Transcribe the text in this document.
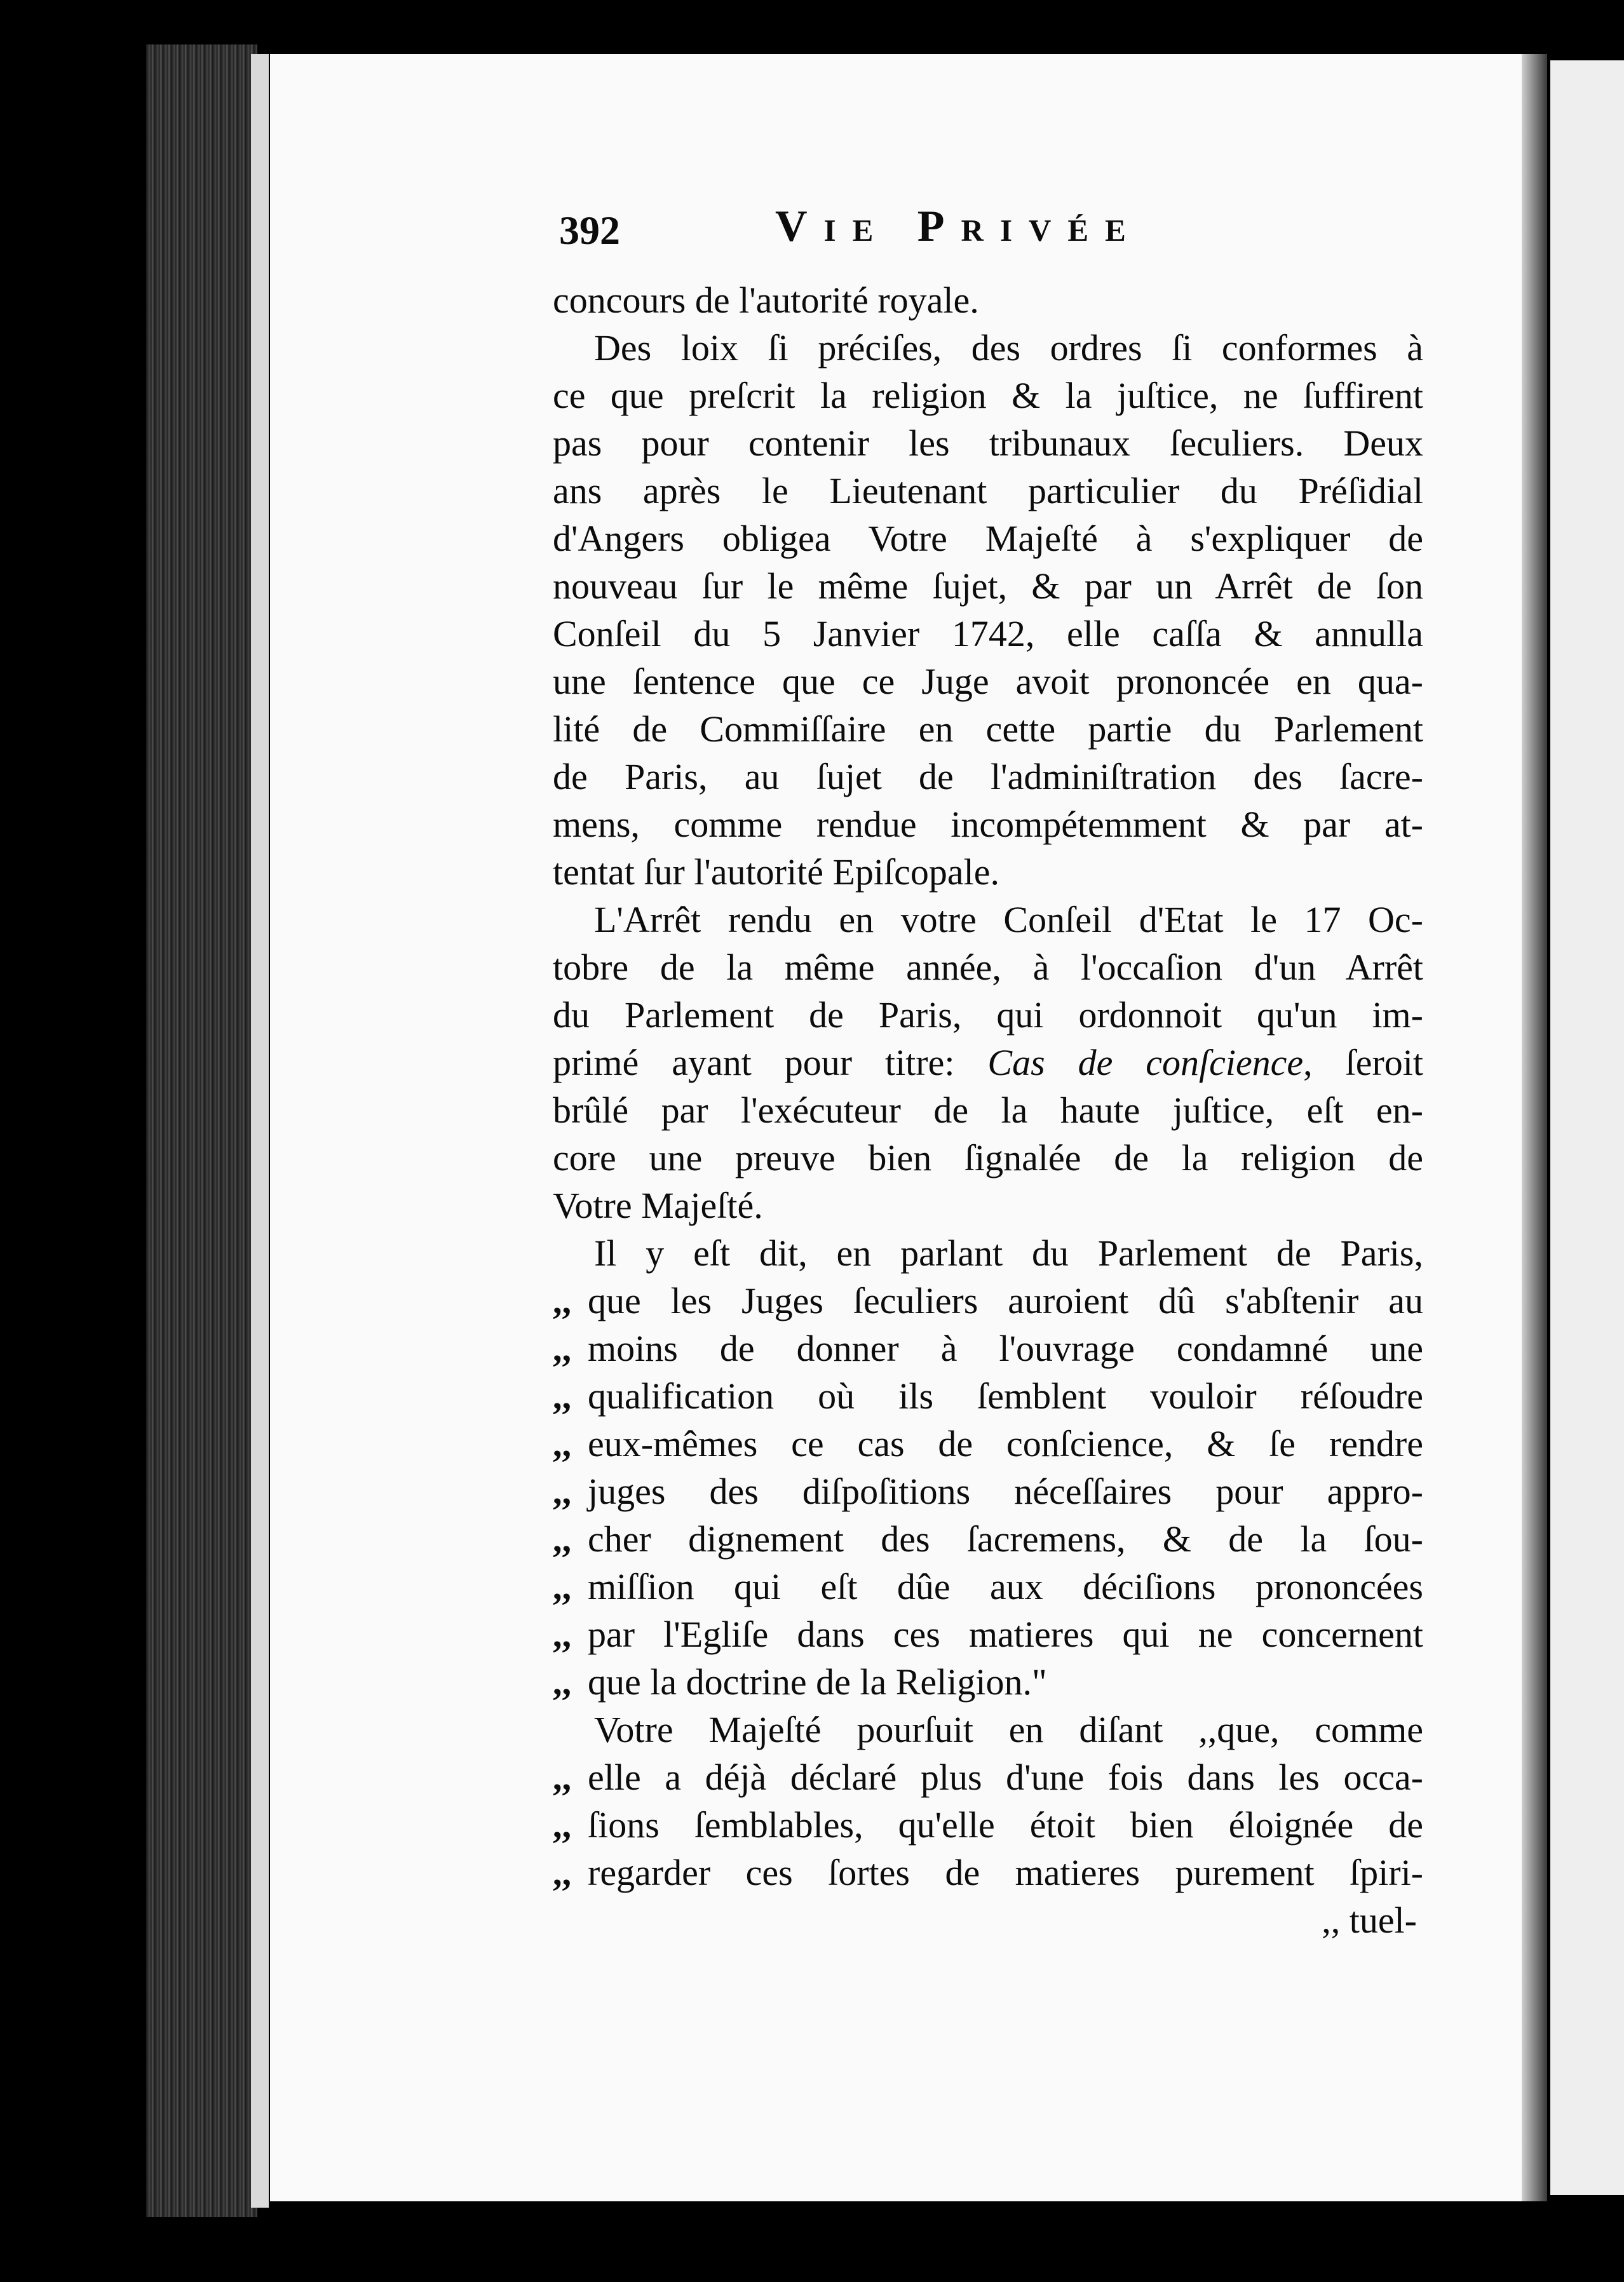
392	Vie Privée
concours de l'autorité royale.
Des loix ſi préciſes, des ordres ſi conformes à
ce que preſcrit la religion & la juſtice, ne ſuffirent
pas pour contenir les tribunaux ſeculiers. Deux
ans après le Lieutenant particulier du Préſidial
d'Angers obligea Votre Majeſté à s'expliquer de
nouveau ſur le même ſujet, & par un Arrêt de ſon
Conſeil du 5 Janvier 1742, elle caſſa & annulla
une ſentence que ce Juge avoit prononcée en qua-
lité de Commiſſaire en cette partie du Parlement
de Paris, au ſujet de l'adminiſtration des ſacre-
mens, comme rendue incompétemment & par at-
tentat ſur l'autorité Epiſcopale.
L'Arrêt rendu en votre Conſeil d'Etat le 17 Oc-
tobre de la même année, à l'occaſion d'un Arrêt
du Parlement de Paris, qui ordonnoit qu'un im-
primé ayant pour titre: Cas de conſcience, ſeroit
brûlé par l'exécuteur de la haute juſtice, eſt en-
core une preuve bien ſignalée de la religion de
Votre Majeſté.
Il y eſt dit, en parlant du Parlement de Paris,
,, que les Juges ſeculiers auroient dû s'abſtenir au
,, moins de donner à l'ouvrage condamné une
,, qualification où ils ſemblent vouloir réſoudre
,, eux-mêmes ce cas de conſcience, & ſe rendre
,, juges des diſpoſitions néceſſaires pour appro-
,, cher dignement des ſacremens, & de la ſou-
,, miſſion qui eſt dûe aux déciſions prononcées
,, par l'Egliſe dans ces matieres qui ne concernent
,, que la doctrine de la Religion."
Votre Majeſté pourſuit en diſant ,,que, comme
,, elle a déjà déclaré plus d'une fois dans les occa-
,, ſions ſemblables, qu'elle étoit bien éloignée de
,, regarder ces ſortes de matieres purement ſpiri-
,, tuel-
